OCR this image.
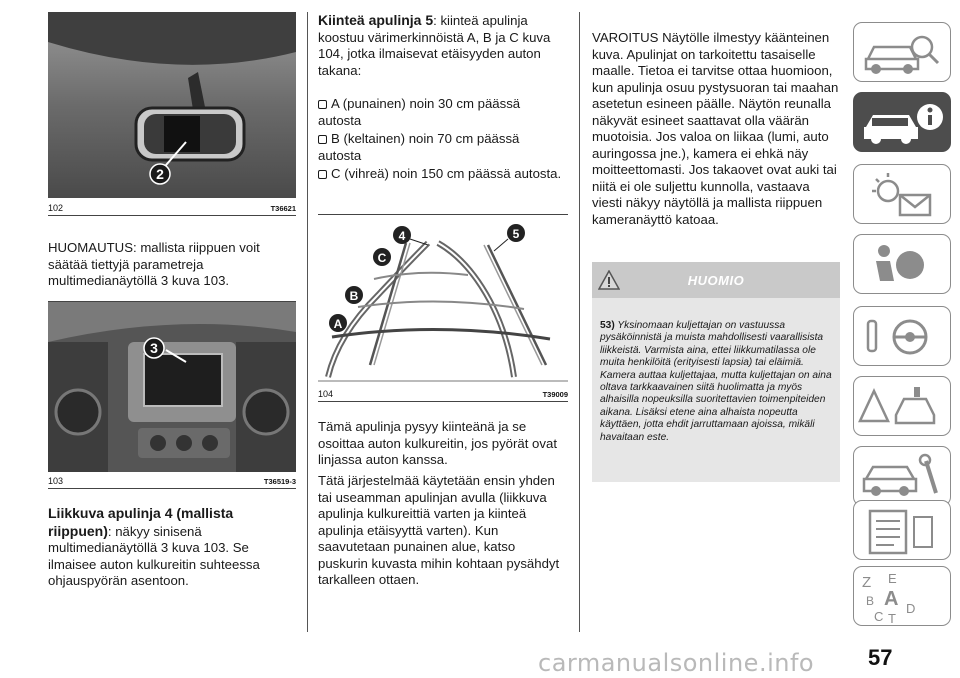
2
102	T36621

HUOMAUTUS: mallista riippuen voit säätää tiettyjä parametreja multimedianäytöllä 3 kuva 103.

3
103	T36519-3

Liikkuva apulinja 4 (mallista riippuen): näkyy sinisenä multimedianäytöllä 3 kuva 103. Se ilmaisee auton kulkureitin suhteessa ohjauspyörän asentoon.

Kiinteä apulinja 5: kiinteä apulinja koostuu värimerkinnöistä A, B ja C kuva 104, jotka ilmaisevat etäisyyden auton takana:

A (punainen) noin 30 cm päässä autosta
B (keltainen) noin 70 cm päässä autosta
C (vihreä) noin 150 cm päässä autosta.
4	5
C
B
A
104	T39009

Tämä apulinja pysyy kiinteänä ja se osoittaa auton kulkureitin, jos pyörät ovat linjassa auton kanssa.

Tätä järjestelmää käytetään ensin yhden tai useamman apulinjan avulla (liikkuva apulinja kulkureittiä varten ja kiinteä apulinja etäisyyttä varten). Kun saavutetaan punainen alue, katso puskurin kuvasta mihin kohtaan pysähdyt tarkalleen ottaen.

VAROITUS Näytölle ilmestyy käänteinen kuva. Apulinjat on tarkoitettu tasaiselle maalle. Tietoa ei tarvitse ottaa huomioon, kun apulinja osuu pystysuoran tai maahan asetetun esineen päälle. Näytön reunalla näkyvät esineet saattavat olla väärän muotoisia. Jos valoa on liikaa (lumi, auto auringossa jne.), kamera ei ehkä näy moitteettomasti. Jos takaovet ovat auki tai niitä ei ole suljettu kunnolla, vastaava viesti näkyy näytöllä ja mallista riippuen kameranäyttö katoaa.

HUOMIO
53) Yksinomaan kuljettajan on vastuussa pysäköinnistä ja muista mahdollisesti vaarallisista liikkeistä. Varmista aina, ettei liikkumatilassa ole muita henkilöitä (erityisesti lapsia) tai eläimiä. Kamera auttaa kuljettajaa, mutta kuljettajan on aina oltava tarkkaavainen siitä huolimatta ja myös alhaisilla nopeuksilla suoritettavien toimenpiteiden aikana. Lisäksi etene aina alhaista nopeutta käyttäen, jotta ehdit jarruttamaan ajoissa, mikäli havaitaan este.
Z E
B A
C T
D
57
carmanualsonline.info
